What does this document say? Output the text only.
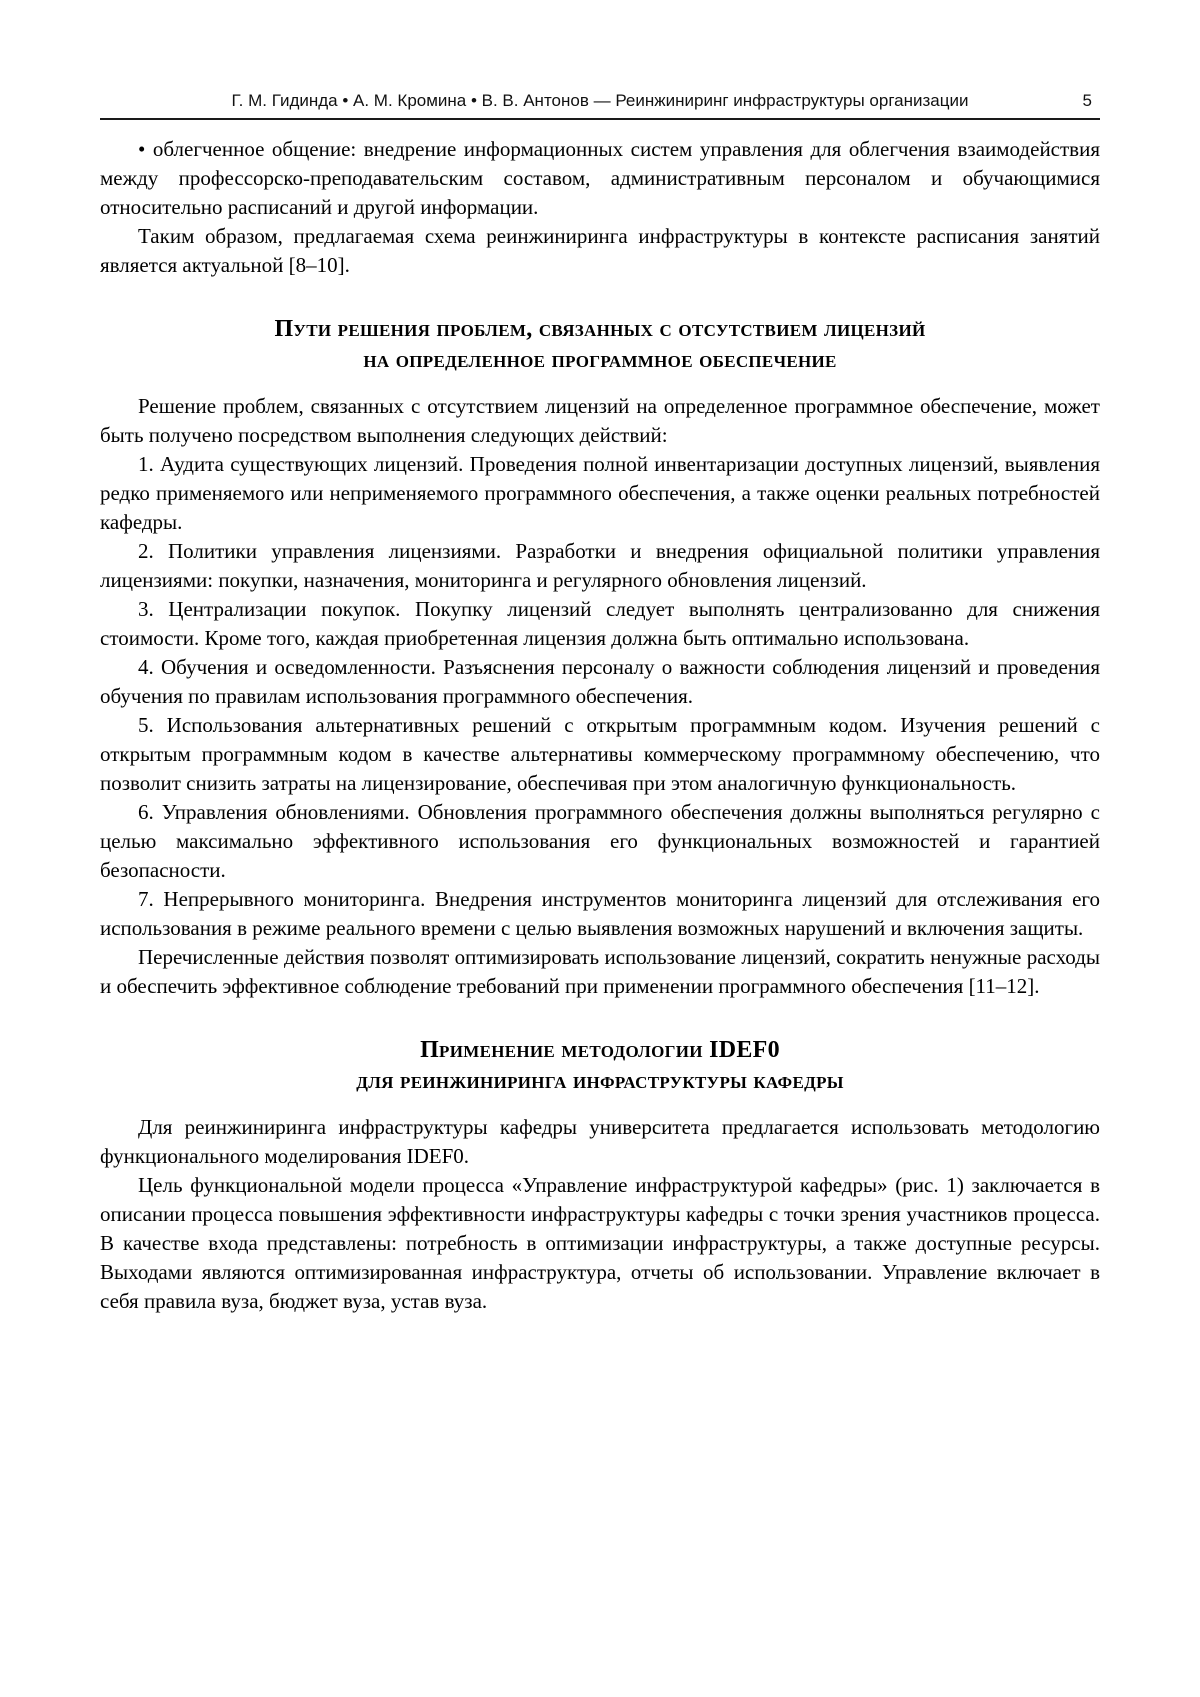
Г. М. Гидинда • А. М. Кромина • В. В. Антонов — Реинжиниринг инфраструктуры организации	5

• облегченное общение: внедрение информационных систем управления для облегчения взаимодействия между профессорско-преподавательским составом, административным персоналом и обучающимися относительно расписаний и другой информации.

Таким образом, предлагаемая схема реинжиниринга инфраструктуры в контексте расписания занятий является актуальной [8–10].

Пути решения проблем, связанных с отсутствием лицензий
на определенное программное обеспечение

Решение проблем, связанных с отсутствием лицензий на определенное программное обеспечение, может быть получено посредством выполнения следующих действий:

1. Аудита существующих лицензий. Проведения полной инвентаризации доступных лицензий, выявления редко применяемого или неприменяемого программного обеспечения, а также оценки реальных потребностей кафедры.

2. Политики управления лицензиями. Разработки и внедрения официальной политики управления лицензиями: покупки, назначения, мониторинга и регулярного обновления лицензий.

3. Централизации покупок. Покупку лицензий следует выполнять централизованно для снижения стоимости. Кроме того, каждая приобретенная лицензия должна быть оптимально использована.

4. Обучения и осведомленности. Разъяснения персоналу о важности соблюдения лицензий и проведения обучения по правилам использования программного обеспечения.

5. Использования альтернативных решений с открытым программным кодом. Изучения решений с открытым программным кодом в качестве альтернативы коммерческому программному обеспечению, что позволит снизить затраты на лицензирование, обеспечивая при этом аналогичную функциональность.

6. Управления обновлениями. Обновления программного обеспечения должны выполняться регулярно с целью максимально эффективного использования его функциональных возможностей и гарантией безопасности.

7. Непрерывного мониторинга. Внедрения инструментов мониторинга лицензий для отслеживания его использования в режиме реального времени с целью выявления возможных нарушений и включения защиты.

Перечисленные действия позволят оптимизировать использование лицензий, сократить ненужные расходы и обеспечить эффективное соблюдение требований при применении программного обеспечения [11–12].

Применение методологии IDEF0
для реинжиниринга инфраструктуры кафедры

Для реинжиниринга инфраструктуры кафедры университета предлагается использовать методологию функционального моделирования IDEF0.

Цель функциональной модели процесса «Управление инфраструктурой кафедры» (рис. 1) заключается в описании процесса повышения эффективности инфраструктуры кафедры с точки зрения участников процесса. В качестве входа представлены: потребность в оптимизации инфраструктуры, а также доступные ресурсы. Выходами являются оптимизированная инфраструктура, отчеты об использовании. Управление включает в себя правила вуза, бюджет вуза, устав вуза.
